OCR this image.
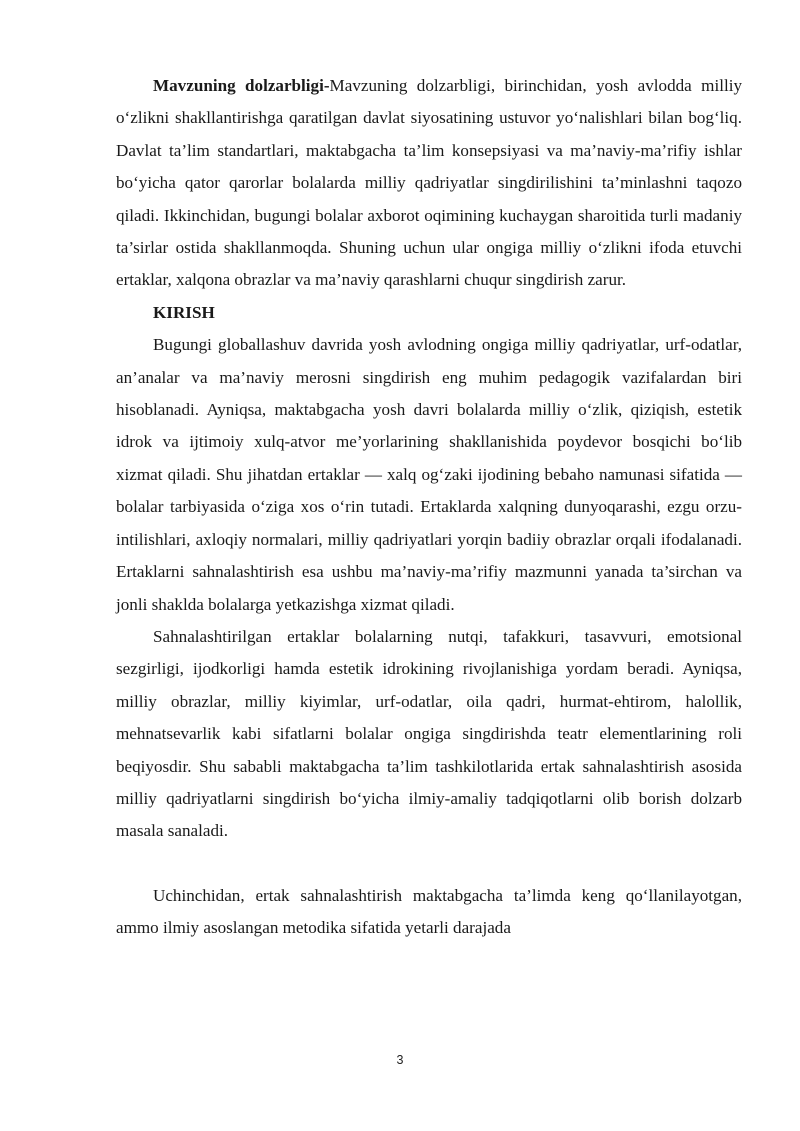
Mavzuning dolzarbligi-Mavzuning dolzarbligi, birinchidan, yosh avlodda milliy o‘zlikni shakllantirishga qaratilgan davlat siyosatining ustuvor yo‘nalishlari bilan bog‘liq. Davlat ta’lim standartlari, maktabgacha ta’lim konsepsiyasi va ma’naviy-ma’rifiy ishlar bo‘yicha qator qarorlar bolalarda milliy qadriyatlar singdirilishini ta’minlashni taqozo qiladi. Ikkinchidan, bugungi bolalar axborot oqimining kuchaygan sharoitida turli madaniy ta’sirlar ostida shakllanmoqda. Shuning uchun ular ongiga milliy o‘zlikni ifoda etuvchi ertaklar, xalqona obrazlar va ma’naviy qarashlarni chuqur singdirish zarur.

KIRISH

Bugungi globallashuv davrida yosh avlodning ongiga milliy qadriyatlar, urf-odatlar, an’analar va ma’naviy merosni singdirish eng muhim pedagogik vazifalardan biri hisoblanadi. Ayniqsa, maktabgacha yosh davri bolalarda milliy o‘zlik, qiziqish, estetik idrok va ijtimoiy xulq-atvor me’yorlarining shakllanishida poydevor bosqichi bo‘lib xizmat qiladi. Shu jihatdan ertaklar — xalq og‘zaki ijodining bebaho namunasi sifatida — bolalar tarbiyasida o‘ziga xos o‘rin tutadi. Ertaklarda xalqning dunyoqarashi, ezgu orzu-intilishlari, axloqiy normalari, milliy qadriyatlari yorqin badiiy obrazlar orqali ifodalanadi. Ertaklarni sahnalashtirish esa ushbu ma’naviy-ma’rifiy mazmunni yanada ta’sirchan va jonli shaklda bolalarga yetkazishga xizmat qiladi.

Sahnalashtirilgan ertaklar bolalarning nutqi, tafakkuri, tasavvuri, emotsional sezgirligi, ijodkorligi hamda estetik idrokining rivojlanishiga yordam beradi. Ayniqsa, milliy obrazlar, milliy kiyimlar, urf-odatlar, oila qadri, hurmat-ehtirom, halollik, mehnatsevarlik kabi sifatlarni bolalar ongiga singdirishda teatr elementlarining roli beqiyosdir. Shu sababli maktabgacha ta’lim tashkilotlarida ertak sahnalashtirish asosida milliy qadriyatlarni singdirish bo‘yicha ilmiy-amaliy tadqiqotlarni olib borish dolzarb masala sanaladi.

Uchinchidan, ertak sahnalashtirish maktabgacha ta’limda keng qo‘llanilayotgan, ammo ilmiy asoslangan metodika sifatida yetarli darajada

3
